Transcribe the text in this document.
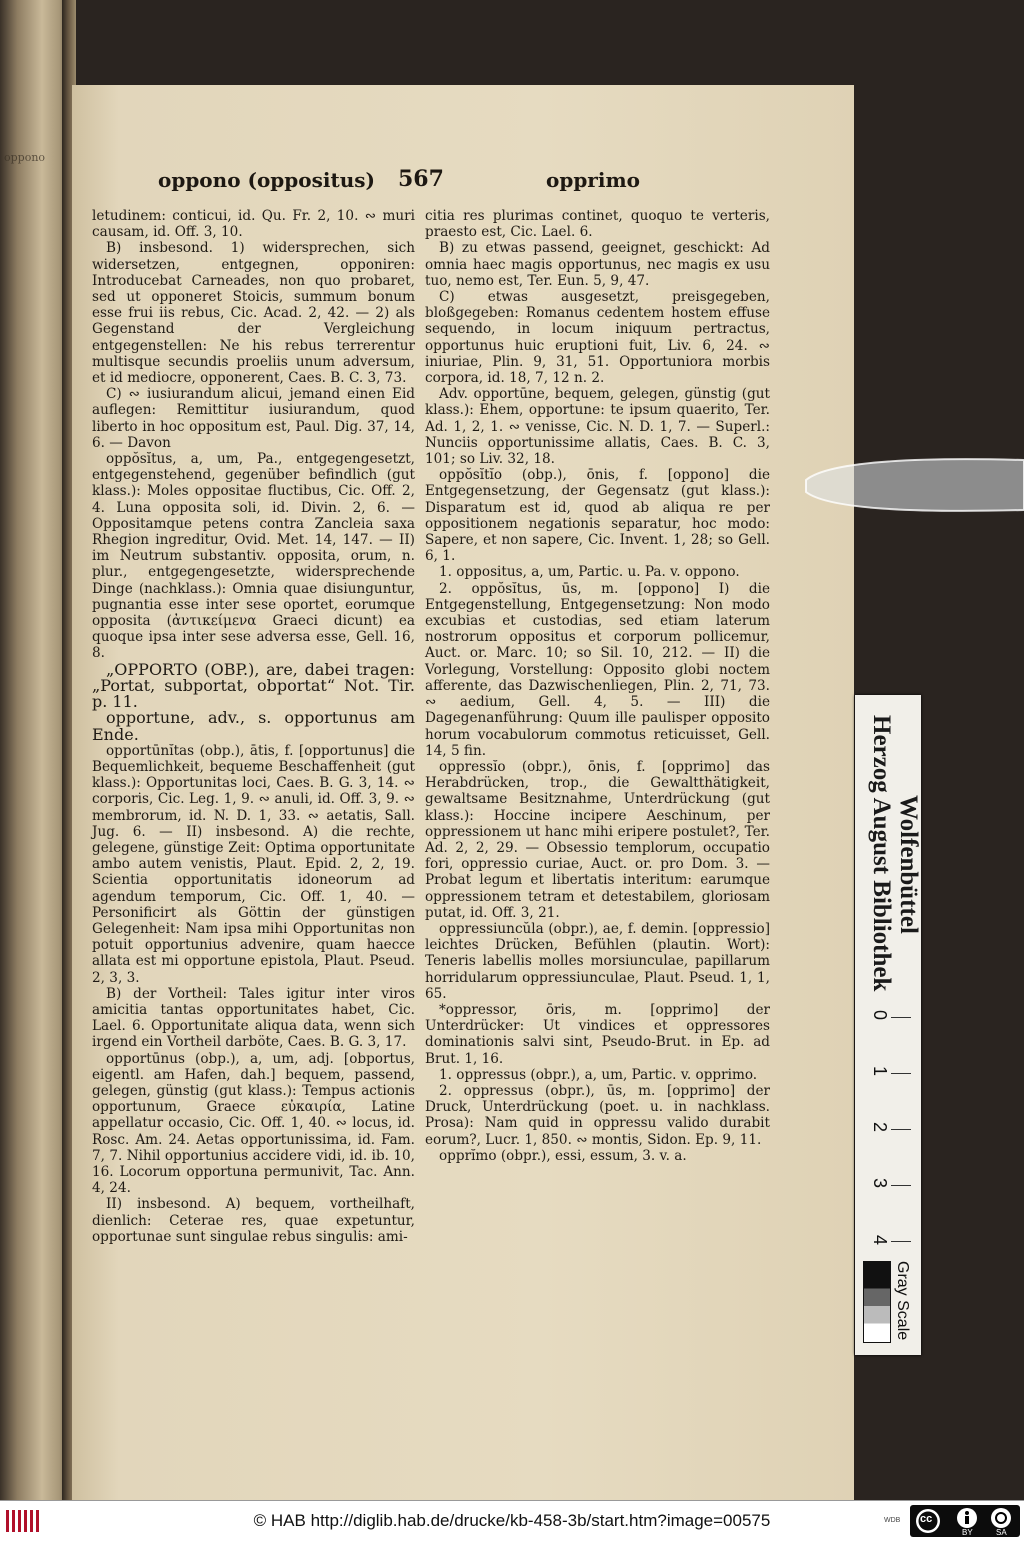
oppono
oppono (oppositus) 567	opprimo

letudinem: conticui, id. Qu. Fr. 2, 10. ∾ muri causam, id. Off. 3, 10.

B) insbesond. 1) widersprechen, sich widersetzen, entgegnen, opponiren: Introducebat Carneades, non quo probaret, sed ut opponeret Stoicis, summum bonum esse frui iis rebus, Cic. Acad. 2, 42. — 2) als Gegenstand der Vergleichung entgegenstellen: Ne his rebus terrerentur multisque secundis proeliis unum adversum, et id mediocre, opponerent, Caes. B. C. 3, 73.

C) ∾ iusiurandum alicui, jemand einen Eid auflegen: Remittitur iusiurandum, quod liberto in hoc oppositum est, Paul. Dig. 37, 14, 6. — Davon

oppŏsĭtus, a, um, Pa., entgegengesetzt, entgegenstehend, gegenüber befindlich (gut klass.): Moles oppositae fluctibus, Cic. Off. 2, 4. Luna opposita soli, id. Divin. 2, 6. — Oppositamque petens contra Zancleia saxa Rhegion ingreditur, Ovid. Met. 14, 147. — II) im Neutrum substantiv. opposita, orum, n. plur., entgegengesetzte, widersprechende Dinge (nachklass.): Omnia quae disiunguntur, pugnantia esse inter sese oportet, eorumque opposita (ἀντικείμενα Graeci dicunt) ea quoque ipsa inter sese adversa esse, Gell. 16, 8.

„OPPORTO (OBP.), are, dabei tragen: „Portat, subportat, obportat“ Not. Tir. p. 11.

opportune, adv., s. opportunus am Ende.

opportūnĭtas (obp.), ātis, f. [opportunus] die Bequemlichkeit, bequeme Beschaffenheit (gut klass.): Opportunitas loci, Caes. B. G. 3, 14. ∾ corporis, Cic. Leg. 1, 9. ∾ anuli, id. Off. 3, 9. ∾ membrorum, id. N. D. 1, 33. ∾ aetatis, Sall. Jug. 6. — II) insbesond. A) die rechte, gelegene, günstige Zeit: Optima opportunitate ambo autem venistis, Plaut. Epid. 2, 2, 19. Scientia opportunitatis idoneorum ad agendum temporum, Cic. Off. 1, 40. — Personificirt als Göttin der günstigen Gelegenheit: Nam ipsa mihi Opportunitas non potuit opportunius advenire, quam haecce allata est mi opportune epistola, Plaut. Pseud. 2, 3, 3.

B) der Vortheil: Tales igitur inter viros amicitia tantas opportunitates habet, Cic. Lael. 6. Opportunitate aliqua data, wenn sich irgend ein Vortheil darböte, Caes. B. G. 3, 17.

opportūnus (obp.), a, um, adj. [obportus, eigentl. am Hafen, dah.] bequem, passend, gelegen, günstig (gut klass.): Tempus actionis opportunum, Graece εὐκαιρία, Latine appellatur occasio, Cic. Off. 1, 40. ∾ locus, id. Rosc. Am. 24. Aetas opportunissima, id. Fam. 7, 7. Nihil opportunius accidere vidi, id. ib. 10, 16. Locorum opportuna permunivit, Tac. Ann. 4, 24.

II) insbesond. A) bequem, vortheilhaft, dienlich: Ceterae res, quae expetuntur, opportunae sunt singulae rebus singulis: ami-

citia res plurimas continet, quoquo te verteris, praesto est, Cic. Lael. 6.

B) zu etwas passend, geeignet, geschickt: Ad omnia haec magis opportunus, nec magis ex usu tuo, nemo est, Ter. Eun. 5, 9, 47.

C) etwas ausgesetzt, preisgegeben, bloßgegeben: Romanus cedentem hostem effuse sequendo, in locum iniquum pertractus, opportunus huic eruptioni fuit, Liv. 6, 24. ∾ iniuriae, Plin. 9, 31, 51. Opportuniora morbis corpora, id. 18, 7, 12 n. 2.

Adv. opportūne, bequem, gelegen, günstig (gut klass.): Ehem, opportune: te ipsum quaerito, Ter. Ad. 1, 2, 1. ∾ venisse, Cic. N. D. 1, 7. — Superl.: Nunciis opportunissime allatis, Caes. B. C. 3, 101; so Liv. 32, 18.

oppŏsĭtĭo (obp.), ōnis, f. [oppono] die Entgegensetzung, der Gegensatz (gut klass.): Disparatum est id, quod ab aliqua re per oppositionem negationis separatur, hoc modo: Sapere, et non sapere, Cic. Invent. 1, 28; so Gell. 6, 1.

1. oppositus, a, um, Partic. u. Pa. v. oppono.

2. oppŏsĭtus, ūs, m. [oppono] I) die Entgegenstellung, Entgegensetzung: Non modo excubias et custodias, sed etiam laterum nostrorum oppositus et corporum pollicemur, Auct. or. Marc. 10; so Sil. 10, 212. — II) die Vorlegung, Vorstellung: Opposito globi noctem afferente, das Dazwischenliegen, Plin. 2, 71, 73. ∾ aedium, Gell. 4, 5. — III) die Dagegenanführung: Quum ille paulisper opposito horum vocabulorum commotus reticuisset, Gell. 14, 5 fin.

oppressĭo (obpr.), ōnis, f. [opprimo] das Herabdrücken, trop., die Gewaltthätigkeit, gewaltsame Besitznahme, Unterdrückung (gut klass.): Hoccine incipere Aeschinum, per oppressionem ut hanc mihi eripere postulet?, Ter. Ad. 2, 2, 29. — Obsessio templorum, occupatio fori, oppressio curiae, Auct. or. pro Dom. 3. — Probat legum et libertatis interitum: earumque oppressionem tetram et detestabilem, gloriosam putat, id. Off. 3, 21.

oppressiuncŭla (obpr.), ae, f. demin. [oppressio] leichtes Drücken, Befühlen (plautin. Wort): Teneris labellis molles morsiunculae, papillarum horridularum oppressiunculae, Plaut. Pseud. 1, 1, 65.

*oppressor, ōris, m. [opprimo] der Unterdrücker: Ut vindices et oppressores dominationis salvi sint, Pseudo-Brut. in Ep. ad Brut. 1, 16.

1. oppressus (obpr.), a, um, Partic. v. opprimo.

2. oppressus (obpr.), ūs, m. [opprimo] der Druck, Unterdrückung (poet. u. in nachklass. Prosa): Nam quid in oppressu valido durabit eorum?, Lucr. 1, 850. ∾ montis, Sidon. Ep. 9, 11.

opprĭmo (obpr.), essi, essum, 3. v. a.

Herzog August Bibliothek Wolfenbüttel
0
1
2
3
4
Gray Scale
© HAB http://diglib.hab.de/drucke/kb-458-3b/start.htm?image=00575	WDB cc
BY	SA
